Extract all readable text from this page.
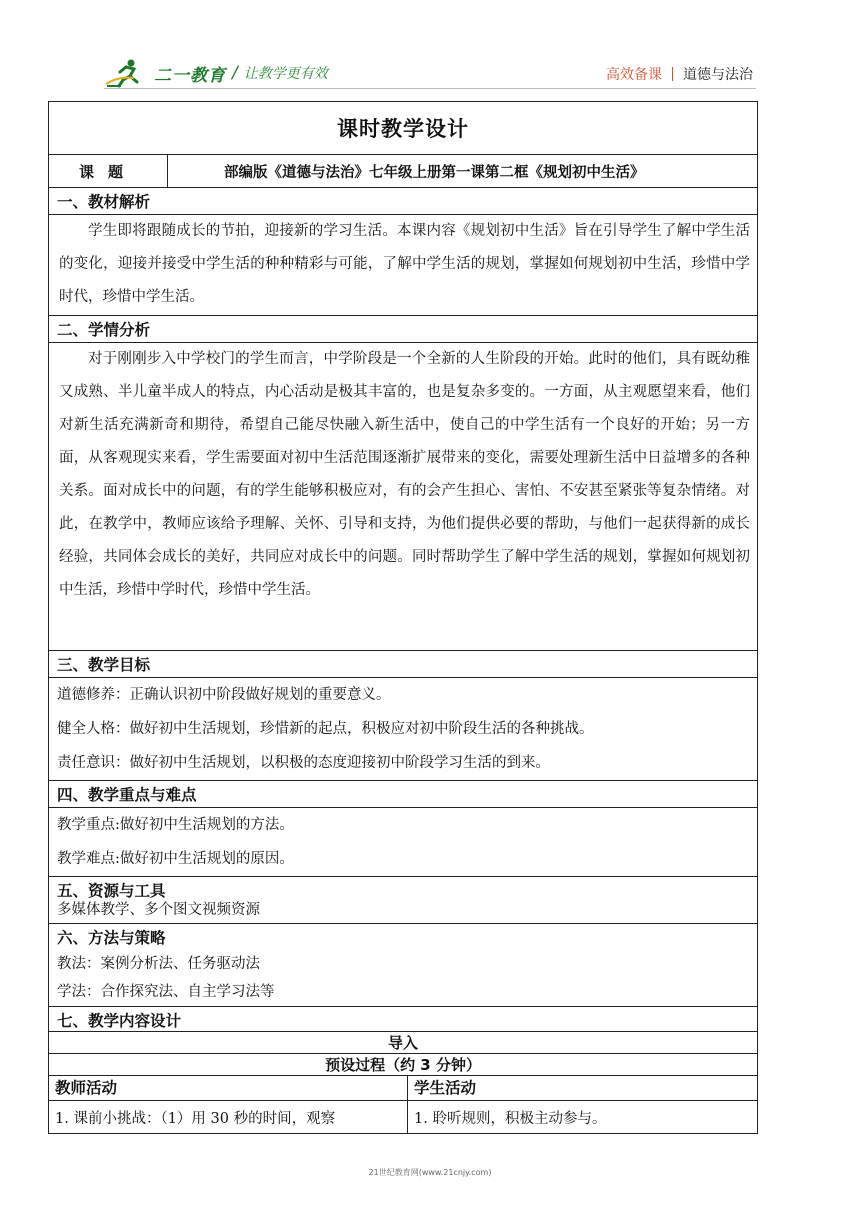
二一教育 / 让教学更有效	高效备课 道德与法治
课时教学设计		
课题	部编版《道德与法治》七年级上册第一课第二框《规划初中生活》	
一、教材解析		

学生即将跟随成长的节拍，迎接新的学习生活。本课内容《规划初中生活》旨在引导学生了解中学生活的变化，迎接并接受中学生活的种种精彩与可能，了解中学生活的规划，掌握如何规划初中生活，珍惜中学时代，珍惜中学生活。		

二、学情分析		

对于刚刚步入中学校门的学生而言，中学阶段是一个全新的人生阶段的开始。此时的他们，具有既幼稚又成熟、半儿童半成人的特点，内心活动是极其丰富的，也是复杂多变的。一方面，从主观愿望来看，他们对新生活充满新奇和期待，希望自己能尽快融入新生活中，使自己的中学生活有一个良好的开始；另一方面，从客观现实来看，学生需要面对初中生活范围逐渐扩展带来的变化，需要处理新生活中日益增多的各种关系。面对成长中的问题，有的学生能够积极应对，有的会产生担心、害怕、不安甚至紧张等复杂情绪。对此，在教学中，教师应该给予理解、关怀、引导和支持，为他们提供必要的帮助，与他们一起获得新的成长经验，共同体会成长的美好，共同应对成长中的问题。同时帮助学生了解中学生活的规划，掌握如何规划初中生活，珍惜中学时代，珍惜中学生活。		

三、教学目标		

道德修养：正确认识初中阶段做好规划的重要意义。

健全人格：做好初中生活规划，珍惜新的起点，积极应对初中阶段生活的各种挑战。

责任意识：做好初中生活规划，以积极的态度迎接初中阶段学习生活的到来。		

四、教学重点与难点		

教学重点:做好初中生活规划的方法。

教学难点:做好初中生活规划的原因。		

五、资源与工具

多媒体教学、多个图文视频资源		

六、方法与策略

教法：案例分析法、任务驱动法

学法：合作探究法、自主学习法等		

七、教学内容设计		
导入		
预设过程（约 3 分钟）		
教师活动		学生活动
1. 课前小挑战：（1）用 30 秒的时间，观察		1. 聆听规则，积极主动参与。
21世纪教育网(www.21cnjy.com)
